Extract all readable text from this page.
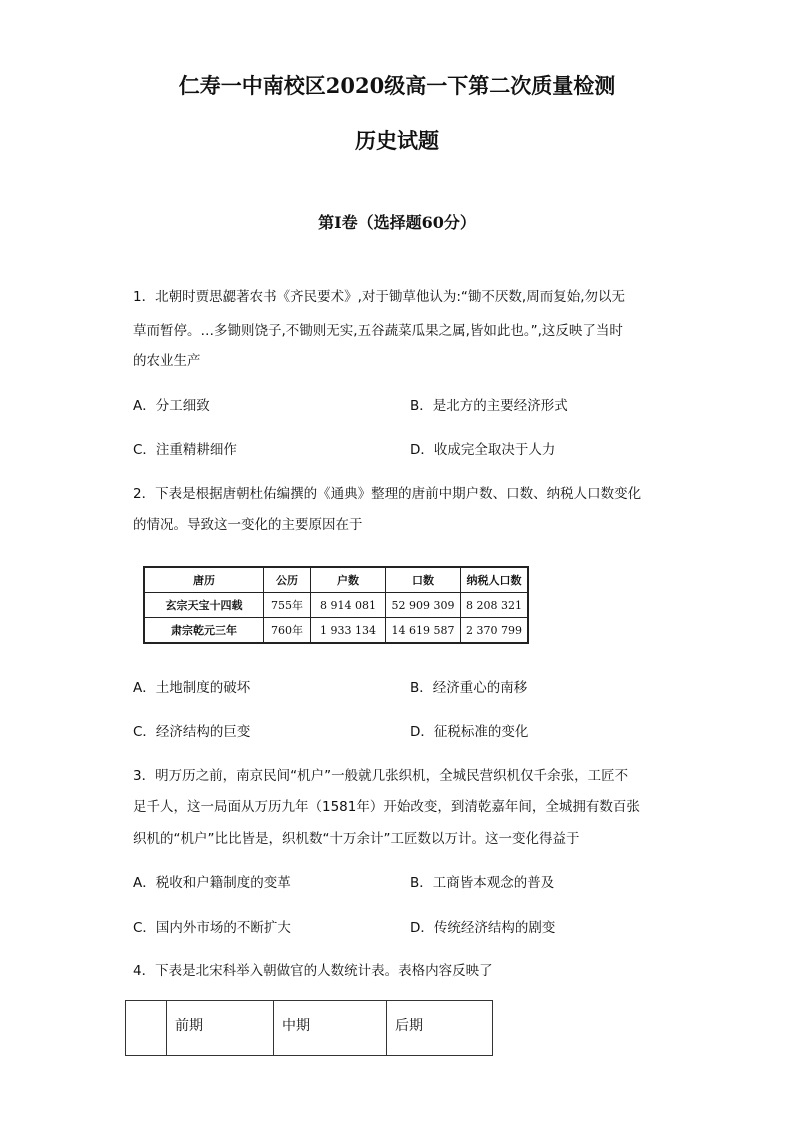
仁寿一中南校区2020级高一下第二次质量检测
历史试题
第I卷（选择题60分）
1．北朝时贾思勰著农书《齐民要术》,对于锄草他认为:“锄不厌数,周而复始,勿以无
草而暂停。…多锄则饶子,不锄则无实,五谷蔬菜瓜果之属,皆如此也。”,这反映了当时
的农业生产
A．分工细致	B．是北方的主要经济形式
C．注重精耕细作	D．收成完全取决于人力
2．下表是根据唐朝杜佑编撰的《通典》整理的唐前中期户数、口数、纳税人口数变化
的情况。导致这一变化的主要原因在于
唐历	公历	户数	口数	纳税人口数
玄宗天宝十四载	755年	8 914 081	52 909 309	8 208 321
肃宗乾元三年	760年	1 933 134	14 619 587	2 370 799
A．土地制度的破坏	B．经济重心的南移
C．经济结构的巨变	D．征税标准的变化
3．明万历之前，南京民间“机户”一般就几张织机，全城民营织机仅千余张，工匠不
足千人，这一局面从万历九年（1581年）开始改变，到清乾嘉年间，全城拥有数百张
织机的“机户”比比皆是，织机数“十万余计”工匠数以万计。这一变化得益于
A．税收和户籍制度的变革	B．工商皆本观念的普及
C．国内外市场的不断扩大	D．传统经济结构的剧变
4．下表是北宋科举入朝做官的人数统计表。表格内容反映了
	前期	中期	后期
